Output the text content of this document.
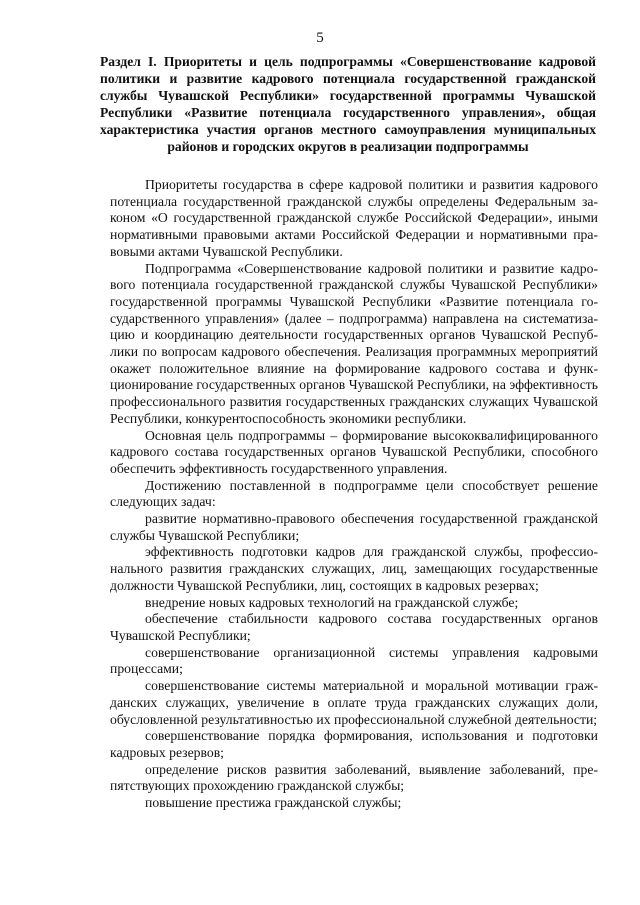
5
Раздел I. Приоритеты и цель подпрограммы «Совершенствование кадровой политики и развитие кадрового потенциала государственной гражданской службы Чувашской Республики» государственной программы Чувашской Республики «Развитие потенциала государственного управления», общая характеристика участия органов местного самоуправления муниципальных районов и городских округов в реализации подпрограммы

Приоритеты государства в сфере кадровой политики и развития кадрового потенциала государственной гражданской службы определены Федеральным законом «О государственной гражданской службе Российской Федерации», иными нормативными правовыми актами Российской Федерации и нормативными правовыми актами Чувашской Республики.

Подпрограмма «Совершенствование кадровой политики и развитие кадрового потенциала государственной гражданской службы Чувашской Республики» государственной программы Чувашской Республики «Развитие потенциала государственного управления» (далее – подпрограмма) направлена на систематизацию и координацию деятельности государственных органов Чувашской Республики по вопросам кадрового обеспечения. Реализация программных мероприятий окажет положительное влияние на формирование кадрового состава и функционирование государственных органов Чувашской Республики, на эффективность профессионального развития государственных гражданских служащих Чувашской Республики, конкурентоспособность экономики республики.

Основная цель подпрограммы – формирование высококвалифицированного кадрового состава государственных органов Чувашской Республики, способного обеспечить эффективность государственного управления.

Достижению поставленной в подпрограмме цели способствует решение следующих задач:

развитие нормативно-правового обеспечения государственной гражданской службы Чувашской Республики;

эффективность подготовки кадров для гражданской службы, профессионального развития гражданских служащих, лиц, замещающих государственные должности Чувашской Республики, лиц, состоящих в кадровых резервах;

внедрение новых кадровых технологий на гражданской службе;

обеспечение стабильности кадрового состава государственных органов Чувашской Республики;

совершенствование организационной системы управления кадровыми процессами;

совершенствование системы материальной и моральной мотивации гражданских служащих, увеличение в оплате труда гражданских служащих доли, обусловленной результативностью их профессиональной служебной деятельности;

совершенствование порядка формирования, использования и подготовки кадровых резервов;

определение рисков развития заболеваний, выявление заболеваний, препятствующих прохождению гражданской службы;

повышение престижа гражданской службы;
